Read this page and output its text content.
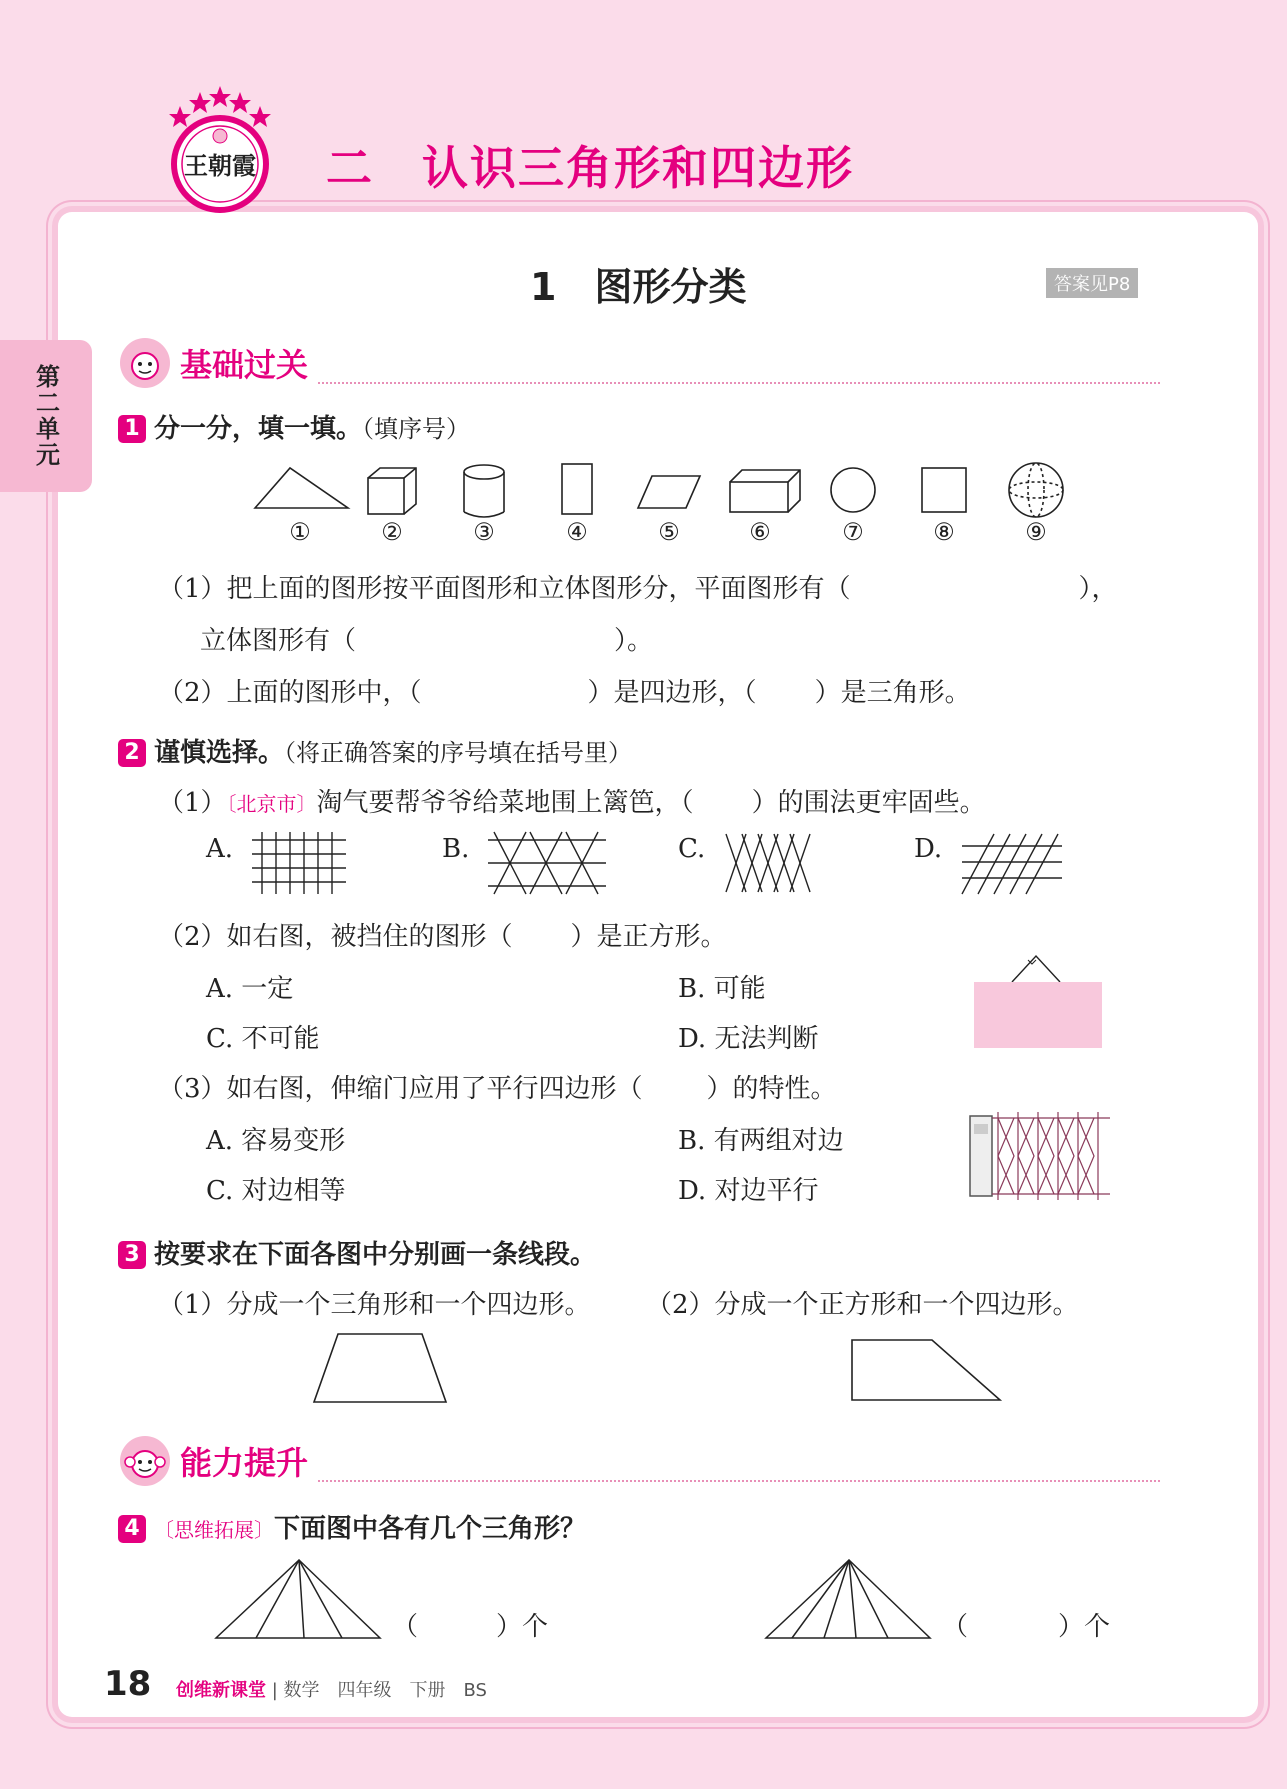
王朝霞 二　认识三角形和四边形
第二单元
1　图形分类	答案见P8
基础过关
1 分一分，填一填。（填序号）
①	②	③	④	⑤	⑥	⑦	⑧	⑨
（1）把上面的图形按平面图形和立体图形分，平面图形有（	），
立体图形有（	）。
（2）上面的图形中，（	）是四边形，（ ）是三角形。
2 谨慎选择。（将正确答案的序号填在括号里）
（1）〔北京市〕淘气要帮爷爷给菜地围上篱笆，（ ）的围法更牢固些。
A.	B.	C.	D.
（2）如右图，被挡住的图形（ ）是正方形。
A. 一定	B. 可能
C. 不可能	D. 无法判断
（3）如右图，伸缩门应用了平行四边形（ ）的特性。
A. 容易变形	B. 有两组对边
C. 对边相等	D. 对边平行
3 按要求在下面各图中分别画一条线段。
（1）分成一个三角形和一个四边形。 （2）分成一个正方形和一个四边形。
能力提升
4 〔思维拓展〕下面图中各有几个三角形？
（	）个	（	）个
18 创维新课堂 | 数学　四年级　下册　BS
